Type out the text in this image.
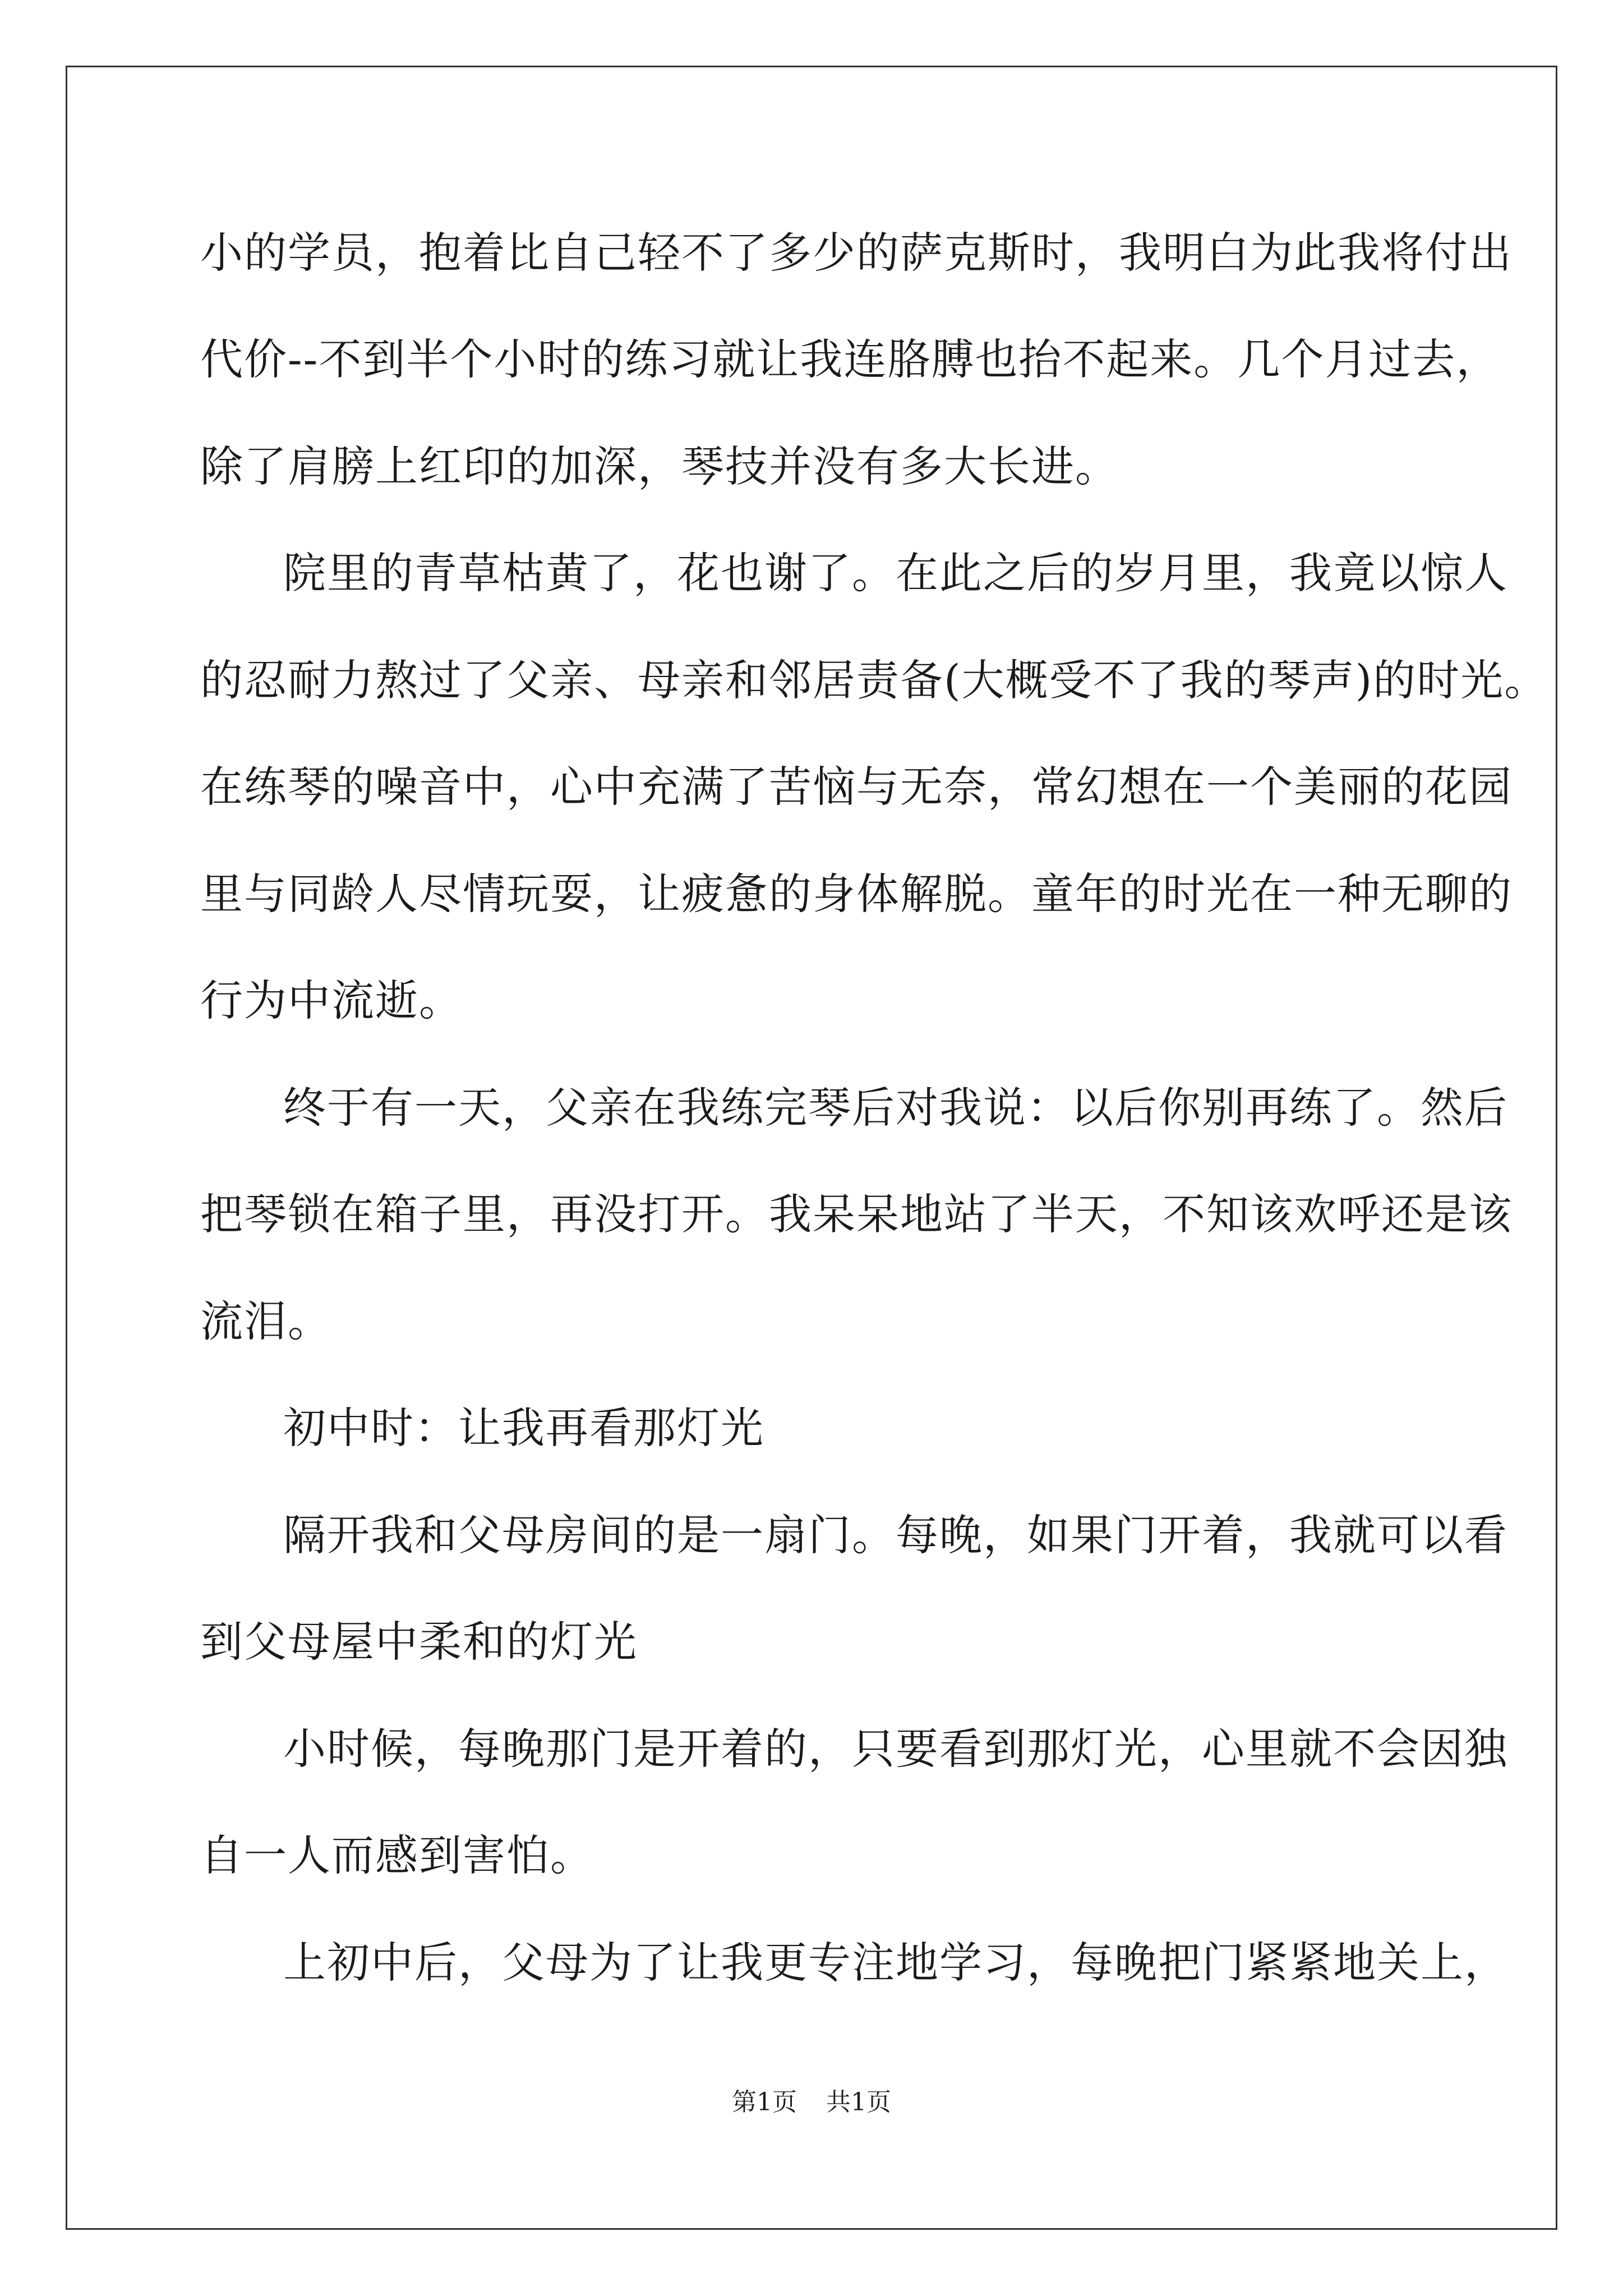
小的学员，抱着比自己轻不了多少的萨克斯时，我明白为此我将付出
代价--不到半个小时的练习就让我连胳膊也抬不起来。几个月过去，
除了肩膀上红印的加深，琴技并没有多大长进。
院里的青草枯黄了，花也谢了。在此之后的岁月里，我竟以惊人
的忍耐力熬过了父亲、母亲和邻居责备(大概受不了我的琴声)的时光。
在练琴的噪音中，心中充满了苦恼与无奈，常幻想在一个美丽的花园
里与同龄人尽情玩耍，让疲惫的身体解脱。童年的时光在一种无聊的
行为中流逝。
终于有一天，父亲在我练完琴后对我说：以后你别再练了。然后
把琴锁在箱子里，再没打开。我呆呆地站了半天，不知该欢呼还是该
流泪。
初中时：让我再看那灯光
隔开我和父母房间的是一扇门。每晚，如果门开着，我就可以看
到父母屋中柔和的灯光
小时候，每晚那门是开着的，只要看到那灯光，心里就不会因独
自一人而感到害怕。
上初中后，父母为了让我更专注地学习，每晚把门紧紧地关上，
第1页 共1页
